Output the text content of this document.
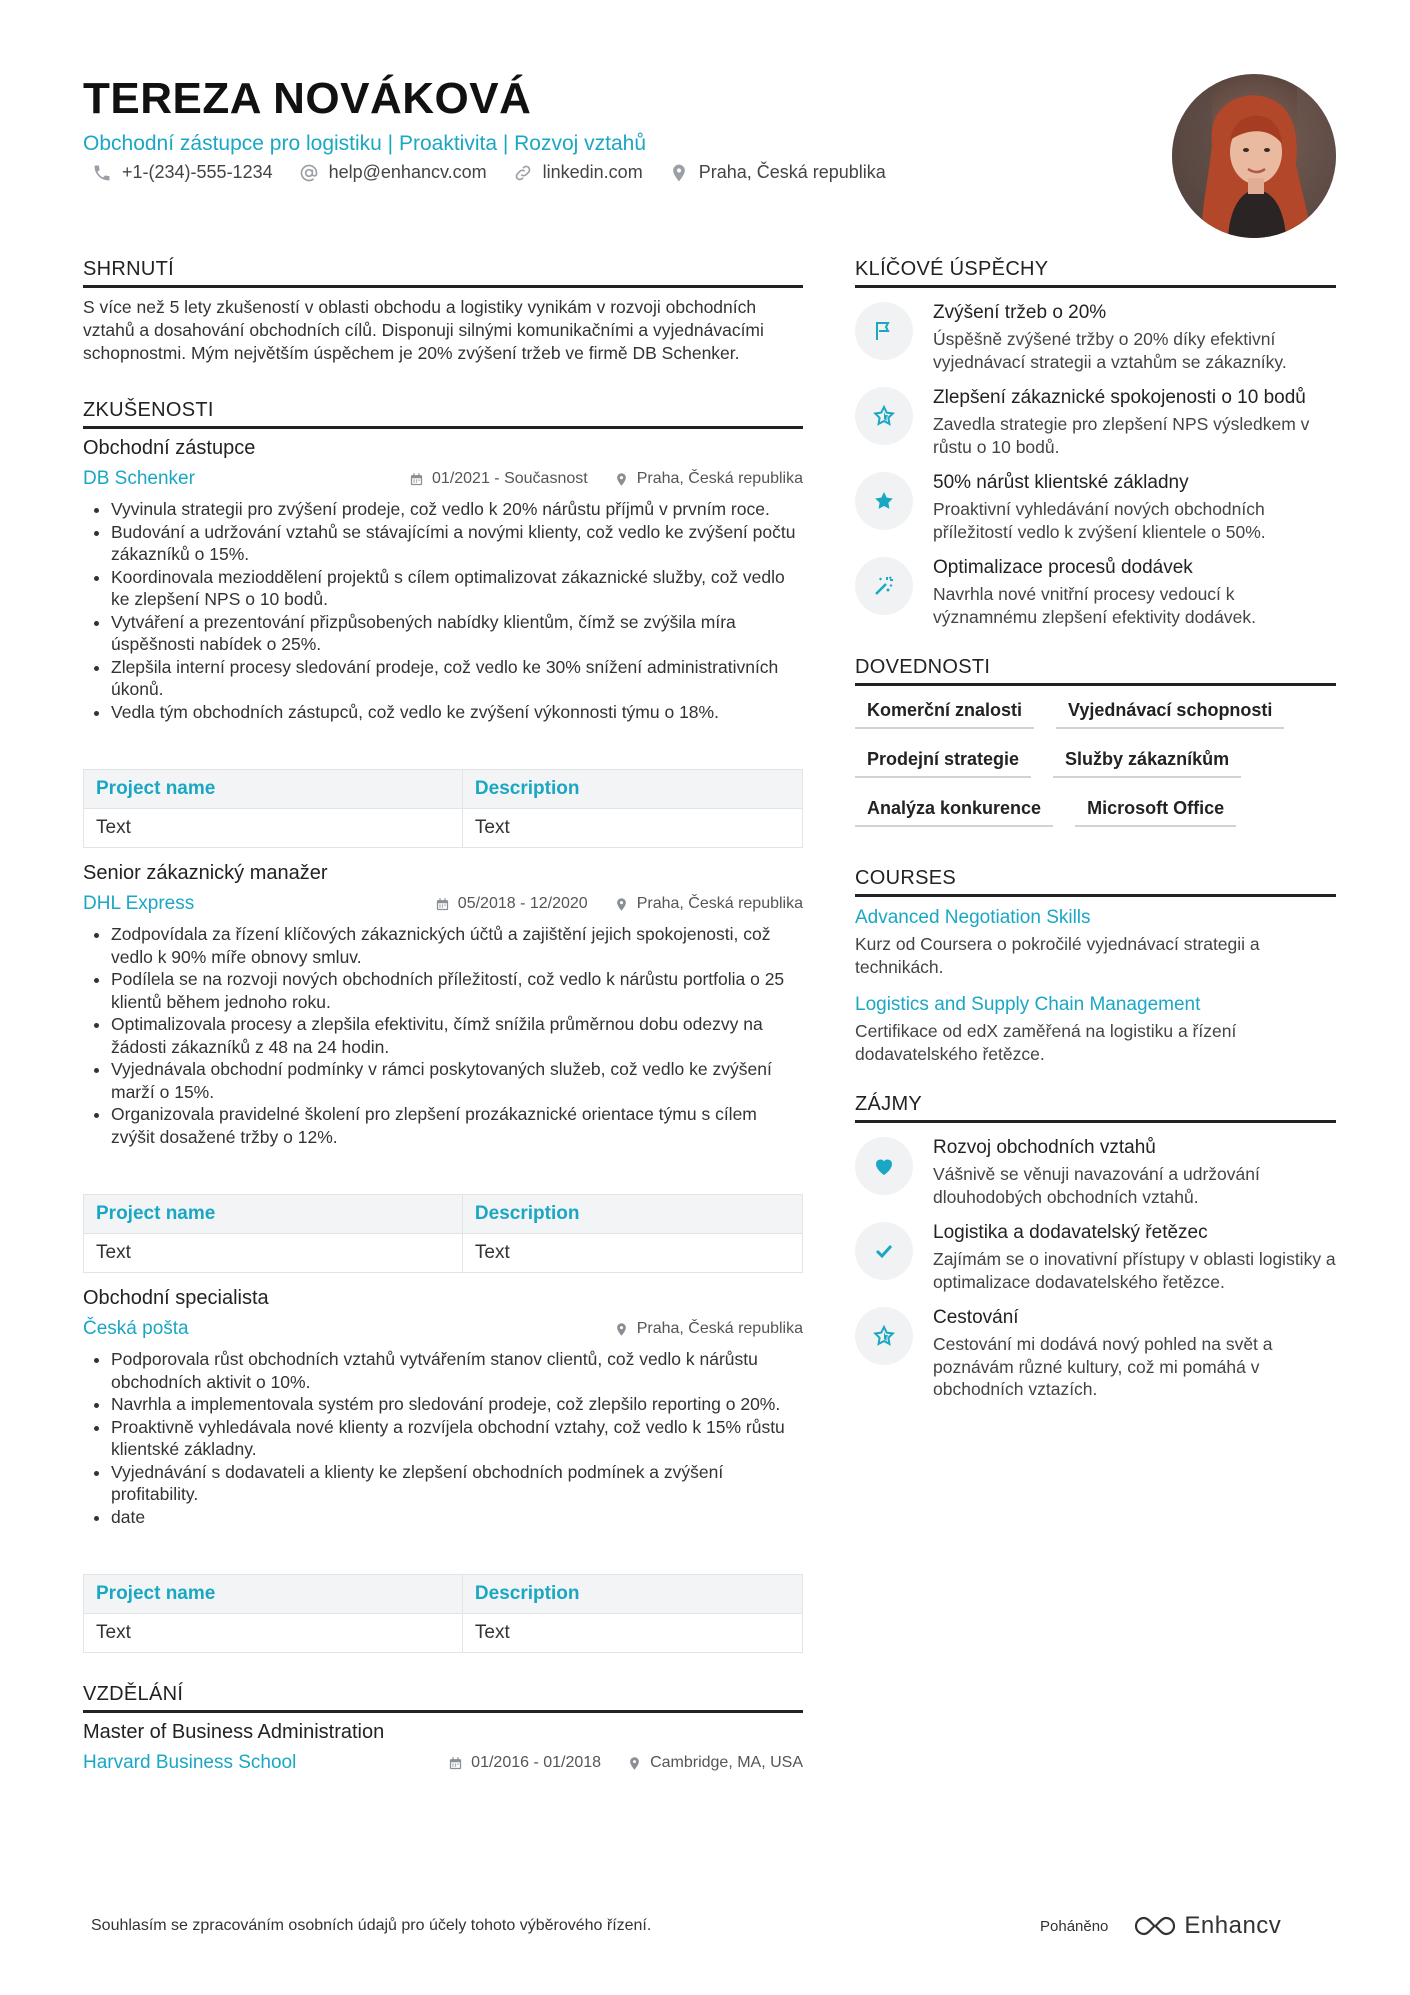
TEREZA NOVÁKOVÁ
Obchodní zástupce pro logistiku | Proaktivita | Rozvoj vztahů
+1-(234)-555-1234	help@enhancv.com	linkedin.com	Praha, Česká republika
SHRNUTÍ
S více než 5 lety zkušeností v oblasti obchodu a logistiky vynikám v rozvoji obchodních vztahů a dosahování obchodních cílů. Disponuji silnými komunikačními a vyjednávacími schopnostmi. Mým největším úspěchem je 20% zvýšení tržeb ve firmě DB Schenker.
ZKUŠENOSTI
Obchodní zástupce
DB Schenker	01/2021 - Současnost	Praha, Česká republika
• Vyvinula strategii pro zvýšení prodeje, což vedlo k 20% nárůstu příjmů v prvním roce.
• Budování a udržování vztahů se stávajícími a novými klienty, což vedlo ke zvýšení počtu zákazníků o 15%.
• Koordinovala mezioddělení projektů s cílem optimalizovat zákaznické služby, což vedlo ke zlepšení NPS o 10 bodů.
• Vytváření a prezentování přizpůsobených nabídky klientům, čímž se zvýšila míra úspěšnosti nabídek o 25%.
• Zlepšila interní procesy sledování prodeje, což vedlo ke 30% snížení administrativních úkonů.
• Vedla tým obchodních zástupců, což vedlo ke zvýšení výkonnosti týmu o 18%.
Project name	Description
Text	Text
Senior zákaznický manažer
DHL Express	05/2018 - 12/2020	Praha, Česká republika
• Zodpovídala za řízení klíčových zákaznických účtů a zajištění jejich spokojenosti, což vedlo k 90% míře obnovy smluv.
• Podílela se na rozvoji nových obchodních příležitostí, což vedlo k nárůstu portfolia o 25 klientů během jednoho roku.
• Optimalizovala procesy a zlepšila efektivitu, čímž snížila průměrnou dobu odezvy na žádosti zákazníků z 48 na 24 hodin.
• Vyjednávala obchodní podmínky v rámci poskytovaných služeb, což vedlo ke zvýšení marží o 15%.
• Organizovala pravidelné školení pro zlepšení prozákaznické orientace týmu s cílem zvýšit dosažené tržby o 12%.
Project name	Description
Text	Text
Obchodní specialista
Česká pošta	Praha, Česká republika
• Podporovala růst obchodních vztahů vytvářením stanov clientů, což vedlo k nárůstu obchodních aktivit o 10%.
• Navrhla a implementovala systém pro sledování prodeje, což zlepšilo reporting o 20%.
• Proaktivně vyhledávala nové klienty a rozvíjela obchodní vztahy, což vedlo k 15% růstu klientské základny.
• Vyjednávání s dodavateli a klienty ke zlepšení obchodních podmínek a zvýšení profitability.
• date
Project name	Description
Text	Text
VZDĚLÁNÍ
Master of Business Administration
Harvard Business School	01/2016 - 01/2018	Cambridge, MA, USA
KLÍČOVÉ ÚSPĚCHY
Zvýšení tržeb o 20%
Úspěšně zvýšené tržby o 20% díky efektivní vyjednávací strategii a vztahům se zákazníky.
Zlepšení zákaznické spokojenosti o 10 bodů
Zavedla strategie pro zlepšení NPS výsledkem v růstu o 10 bodů.
50% nárůst klientské základny
Proaktivní vyhledávání nových obchodních příležitostí vedlo k zvýšení klientele o 50%.
Optimalizace procesů dodávek
Navrhla nové vnitřní procesy vedoucí k významnému zlepšení efektivity dodávek.
DOVEDNOSTI
Komerční znalosti	Vyjednávací schopnosti
Prodejní strategie	Služby zákazníkům
Analýza konkurence	Microsoft Office
COURSES
Advanced Negotiation Skills
Kurz od Coursera o pokročilé vyjednávací strategii a technikách.
Logistics and Supply Chain Management
Certifikace od edX zaměřená na logistiku a řízení dodavatelského řetězce.
ZÁJMY
Rozvoj obchodních vztahů
Vášnivě se věnuji navazování a udržování dlouhodobých obchodních vztahů.
Logistika a dodavatelský řetězec
Zajímám se o inovativní přístupy v oblasti logistiky a optimalizace dodavatelského řetězce.
Cestování
Cestování mi dodává nový pohled na svět a poznávám různé kultury, což mi pomáhá v obchodních vztazích.
Souhlasím se zpracováním osobních údajů pro účely tohoto výběrového řízení.	Poháněno	Enhancv
